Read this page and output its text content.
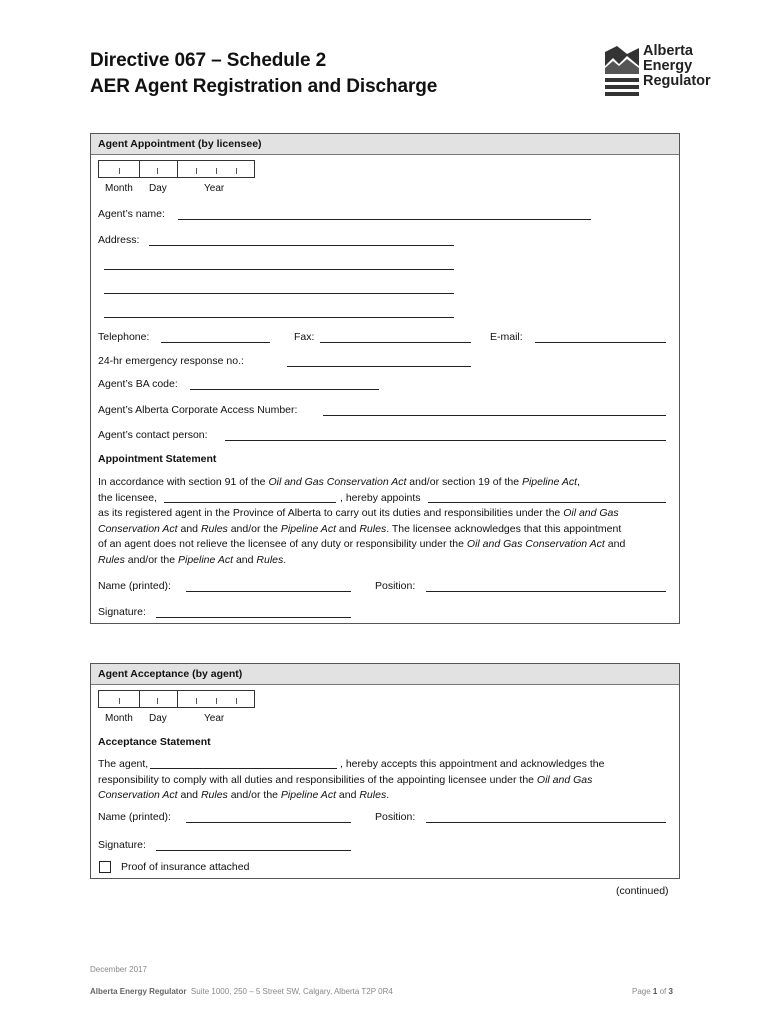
Directive 067 – Schedule 2
AER Agent Registration and Discharge
Alberta
Energy
Regulator
Agent Appointment (by licensee)
Month Day	Year
Agent’s name:
Address:
Telephone:	Fax:	E-mail:
24-hr emergency response no.:
Agent’s BA code:
Agent’s Alberta Corporate Access Number:
Agent’s contact person:
Appointment Statement
In accordance with section 91 of the Oil and Gas Conservation Act and/or section 19 of the Pipeline Act,
the licensee,	, hereby appoints

as its registered agent in the Province of Alberta to carry out its duties and responsibilities under the Oil and Gas
Conservation Act and Rules and/or the Pipeline Act and Rules. The licensee acknowledges that this appointment
of an agent does not relieve the licensee of any duty or responsibility under the Oil and Gas Conservation Act and
Rules and/or the Pipeline Act and Rules.
Name (printed):	Position:
Signature:
Agent Acceptance (by agent)
Month Day	Year
Acceptance Statement
The agent,	, hereby accepts this appointment and acknowledges the

responsibility to comply with all duties and responsibilities of the appointing licensee under the Oil and Gas
Conservation Act and Rules and/or the Pipeline Act and Rules.
Name (printed):	Position:
Signature:
Proof of insurance attached
(continued)
December 2017
Alberta Energy Regulator Suite 1000, 250 – 5 Street SW, Calgary, Alberta T2P 0R4	Page 1 of 3
